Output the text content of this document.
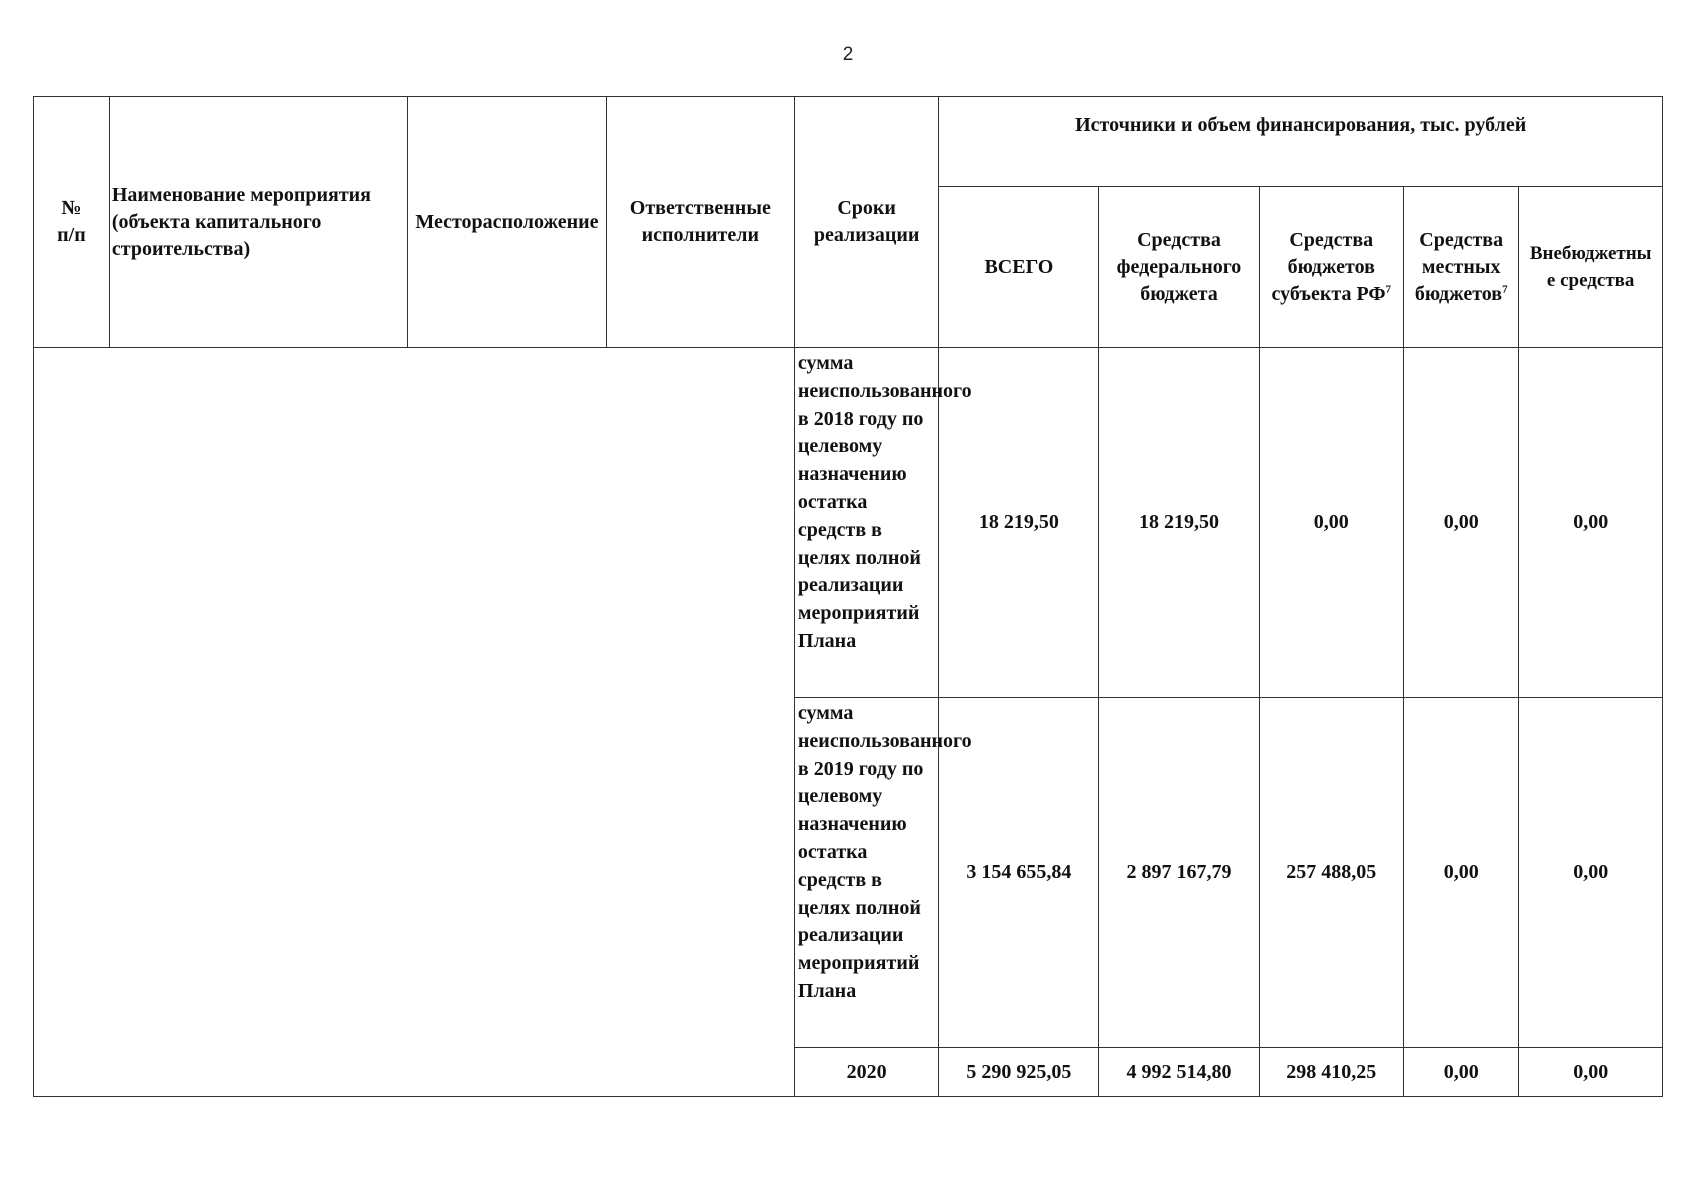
2
№ п/п	Наименование мероприятия (объекта капитального строительства)	Месторасположение	Ответственные исполнители	Сроки реализации	Источники и объем финансирования, тыс. рублей				
					ВСЕГО	Средства федерального бюджета	Средства бюджетов субъекта $РФ^7$	Средства местных бюджетов$^7$	Внебюджетные средства
				сумма неиспользованного в 2018 году по целевому назначению остатка средств в целях полной реализации мероприятий Плана	18 219,50	18 219,50	0,00	0,00	0,00
				сумма неиспользованного в 2019 году по целевому назначению остатка средств в целях полной реализации мероприятий Плана	3 154 655,84	2 897 167,79	257 488,05	0,00	0,00
				2020	5 290 925,05	4 992 514,80	298 410,25	0,00	0,00
